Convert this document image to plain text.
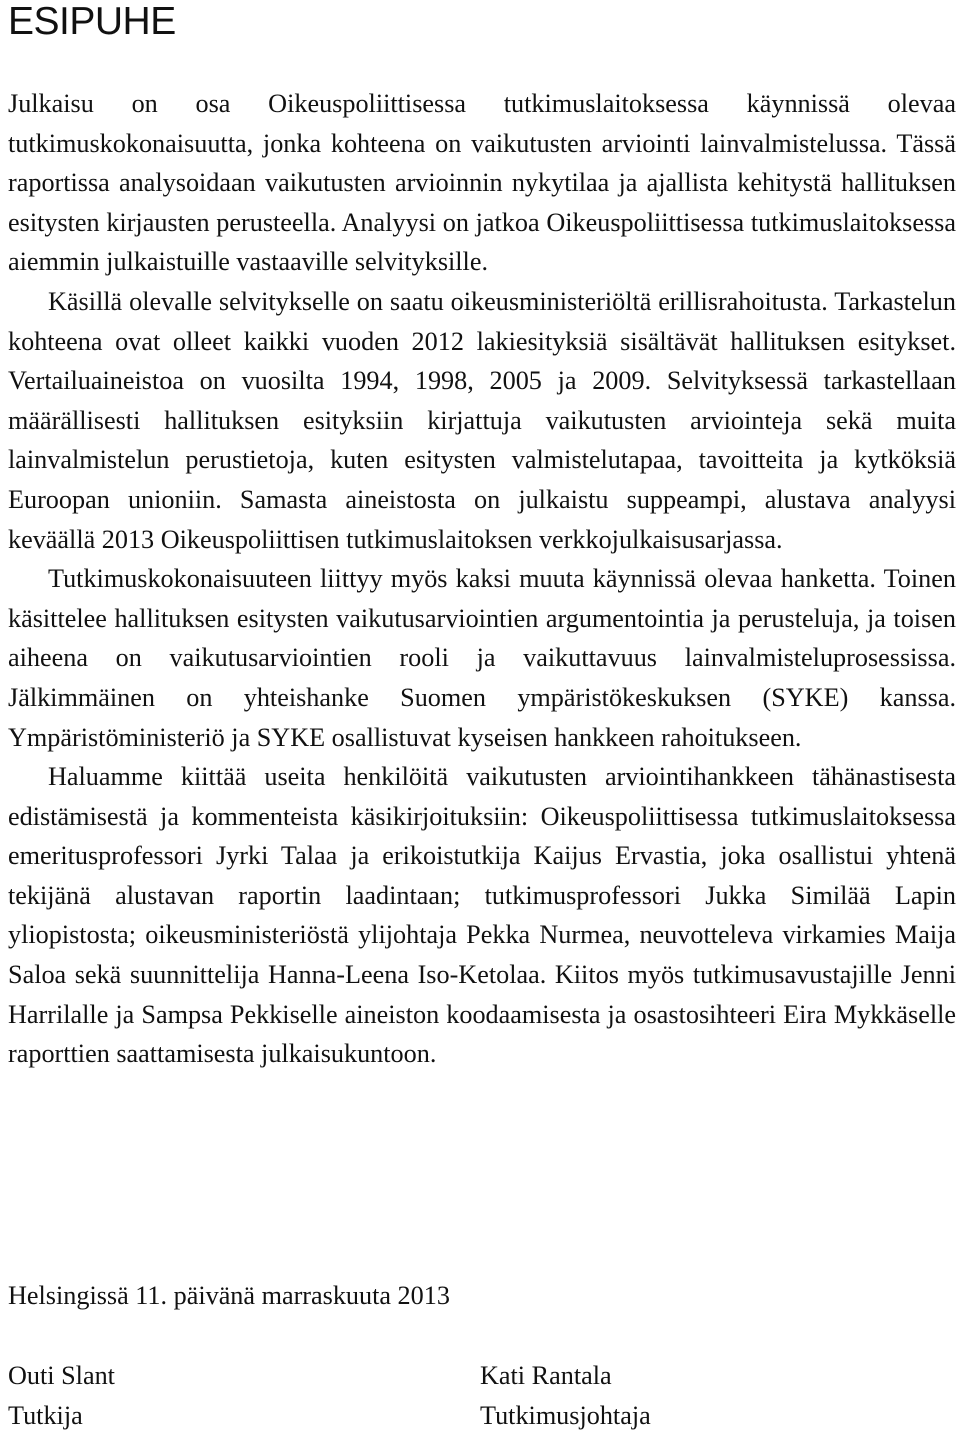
ESIPUHE

Julkaisu on osa Oikeuspoliittisessa tutkimuslaitoksessa käynnissä olevaa tutkimuskokonaisuutta, jonka kohteena on vaikutusten arviointi lainvalmistelussa. Tässä raportissa analysoidaan vaikutusten arvioinnin nykytilaa ja ajallista kehitystä hallituksen esitysten kirjausten perusteella. Analyysi on jatkoa Oikeuspoliittisessa tutkimuslaitoksessa aiemmin julkaistuille vastaaville selvityksille.

Käsillä olevalle selvitykselle on saatu oikeusministeriöltä erillisrahoitusta. Tarkastelun kohteena ovat olleet kaikki vuoden 2012 lakiesityksiä sisältävät hallituksen esitykset. Vertailuaineistoa on vuosilta 1994, 1998, 2005 ja 2009. Selvityksessä tarkastellaan määrällisesti hallituksen esityksiin kirjattuja vaikutusten arviointeja sekä muita lainvalmistelun perustietoja, kuten esitysten valmistelutapaa, tavoitteita ja kytköksiä Euroopan unioniin. Samasta aineistosta on julkaistu suppeampi, alustava analyysi keväällä 2013 Oikeuspoliittisen tutkimuslaitoksen verkkojulkaisusarjassa.

Tutkimuskokonaisuuteen liittyy myös kaksi muuta käynnissä olevaa hanketta. Toinen käsittelee hallituksen esitysten vaikutusarviointien argumentointia ja perusteluja, ja toisen aiheena on vaikutusarviointien rooli ja vaikuttavuus lainvalmisteluprosessissa. Jälkimmäinen on yhteishanke Suomen ympäristökeskuksen (SYKE) kanssa. Ympäristöministeriö ja SYKE osallistuvat kyseisen hankkeen rahoitukseen.

Haluamme kiittää useita henkilöitä vaikutusten arviointihankkeen tähänastisesta edistämisestä ja kommenteista käsikirjoituksiin: Oikeuspoliittisessa tutkimuslaitoksessa emeritusprofessori Jyrki Talaa ja erikoistutkija Kaijus Ervastia, joka osallistui yhtenä tekijänä alustavan raportin laadintaan; tutkimusprofessori Jukka Similää Lapin yliopistosta; oikeusministeriöstä ylijohtaja Pekka Nurmea, neuvotteleva virkamies Maija Saloa sekä suunnittelija Hanna-Leena Iso-Ketolaa. Kiitos myös tutkimusavustajille Jenni Harrilalle ja Sampsa Pekkiselle aineiston koodaamisesta ja osastosihteeri Eira Mykkäselle raporttien saattamisesta julkaisukuntoon.

Helsingissä 11. päivänä marraskuuta 2013

Outi Slant
Tutkija
Kati Rantala
Tutkimusjohtaja
